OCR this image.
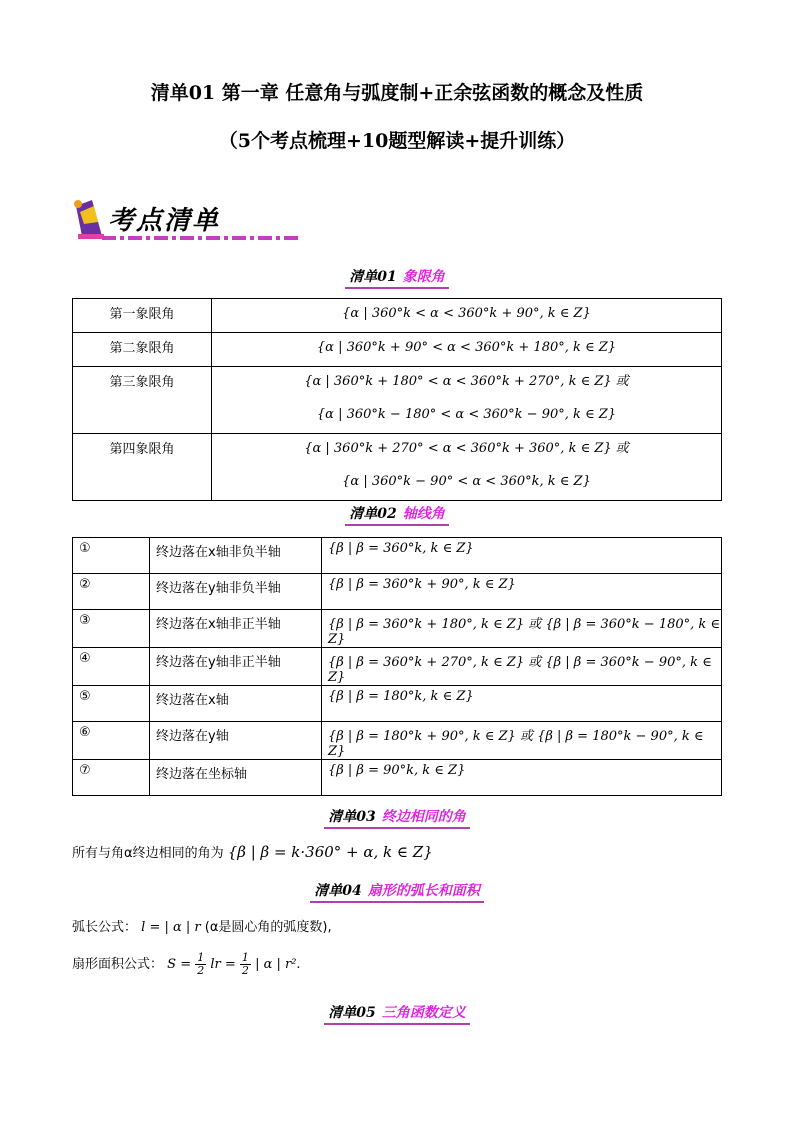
清单01 第一章 任意角与弧度制+正余弦函数的概念及性质
（5个考点梳理+10题型解读+提升训练）
考点清单
清单01 象限角
第一象限角	{α | 360°k < α < 360°k + 90°, k ∈ Z}

第二象限角	{α | 360°k + 90° < α < 360°k + 180°, k ∈ Z}

第三象限角	{α | 360°k + 180° < α < 360°k + 270°, k ∈ Z} 或
{α | 360°k − 180° < α < 360°k − 90°, k ∈ Z}

第四象限角	{α | 360°k + 270° < α < 360°k + 360°, k ∈ Z} 或
{α | 360°k − 90° < α < 360°k, k ∈ Z}
清单02 轴线角
①	终边落在x轴非负半轴	{β | β = 360°k, k ∈ Z}
②	终边落在y轴非负半轴	{β | β = 360°k + 90°, k ∈ Z}
③	终边落在x轴非正半轴	{β | β = 360°k + 180°, k ∈ Z} 或 {β | β = 360°k − 180°, k ∈ Z}
④	终边落在y轴非正半轴	{β | β = 360°k + 270°, k ∈ Z} 或 {β | β = 360°k − 90°, k ∈ Z}
⑤	终边落在x轴	{β | β = 180°k, k ∈ Z}
⑥	终边落在y轴	{β | β = 180°k + 90°, k ∈ Z} 或 {β | β = 180°k − 90°, k ∈ Z}
⑦	终边落在坐标轴	{β | β = 90°k, k ∈ Z}
清单03 终边相同的角
所有与角α终边相同的角为 {β | β = k·360° + α, k ∈ Z}
清单04 扇形的弧长和面积
弧长公式： l = | α | r (α是圆心角的弧度数),
扇形面积公式： $S = \frac{1}{2}$ lr = $\frac{1}{2}$ | α | r².
清单05 三角函数定义
